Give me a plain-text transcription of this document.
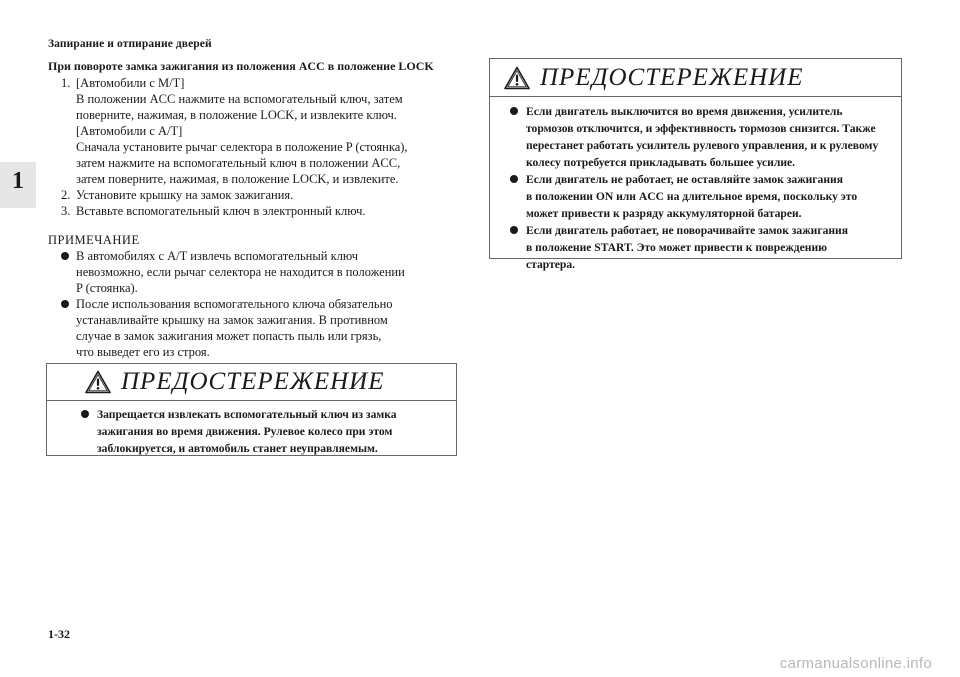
Запирание и отпирание дверей
1
При повороте замка зажигания из положения ACC в положение LOCK
1. [Автомобили с M/T]
В положении ACC нажмите на вспомогательный ключ, затем
поверните, нажимая, в положение LOCK, и извлеките ключ.
[Автомобили с A/T]
Сначала установите рычаг селектора в положение P (стоянка),
затем нажмите на вспомогательный ключ в положении ACC,
затем поверните, нажимая, в положение LOCK, и извлеките.
2. Установите крышку на замок зажигания.
3. Вставьте вспомогательный ключ в электронный ключ.
ПРИМЕЧАНИЕ
В автомобилях с A/T извлечь вспомогательный ключ
невозможно, если рычаг селектора не находится в положении
P (стоянка).
После использования вспомогательного ключа обязательно
устанавливайте крышку на замок зажигания. В противном
случае в замок зажигания может попасть пыль или грязь,
что выведет его из строя.
ПРЕДОСТЕРЕЖЕНИЕ
Запрещается извлекать вспомогательный ключ из замка
зажигания во время движения. Рулевое колесо при этом
заблокируется, и автомобиль станет неуправляемым.
ПРЕДОСТЕРЕЖЕНИЕ
Если двигатель выключится во время движения, усилитель
тормозов отключится, и эффективность тормозов снизится. Также
перестанет работать усилитель рулевого управления, и к рулевому
колесу потребуется прикладывать большее усилие.
Если двигатель не работает, не оставляйте замок зажигания
в положении ON или ACC на длительное время, поскольку это
может привести к разряду аккумуляторной батареи.
Если двигатель работает, не поворачивайте замок зажигания
в положение START. Это может привести к повреждению
стартера.
1-32
carmanualsonline.info
